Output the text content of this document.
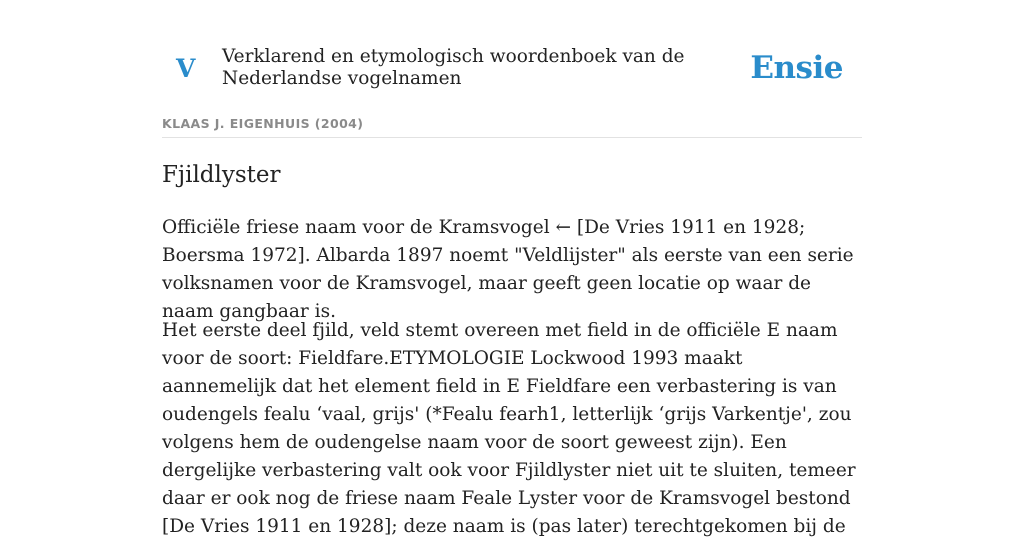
V Verklarend en etymologisch woordenboek van de Nederlandse vogelnamen	Ensie
KLAAS J. EIGENHUIS (2004)
Fjildlyster

Officiële friese naam voor de Kramsvogel ← [De Vries 1911 en 1928; Boersma 1972]. Albarda 1897 noemt "Veldlijster" als eerste van een serie volksnamen voor de Kramsvogel, maar geeft geen locatie op waar de naam gangbaar is.

Het eerste deel fjild, veld stemt overeen met field in de officiële E naam voor de soort: Fieldfare.ETYMOLOGIE Lockwood 1993 maakt aannemelijk dat het element field in E Fieldfare een verbastering is van oudengels fealu ‘vaal, grijs' (*Fealu fearh1, letterlijk ‘grijs Varkentje', zou volgens hem de oudengelse naam voor de soort geweest zijn). Een dergelijke verbastering valt ook voor Fjildlyster niet uit te sluiten, temeer daar er ook nog de friese naam Feale Lyster voor de Kramsvogel bestond [De Vries 1911 en 1928]; deze naam is (pas later) terechtgekomen bij de
